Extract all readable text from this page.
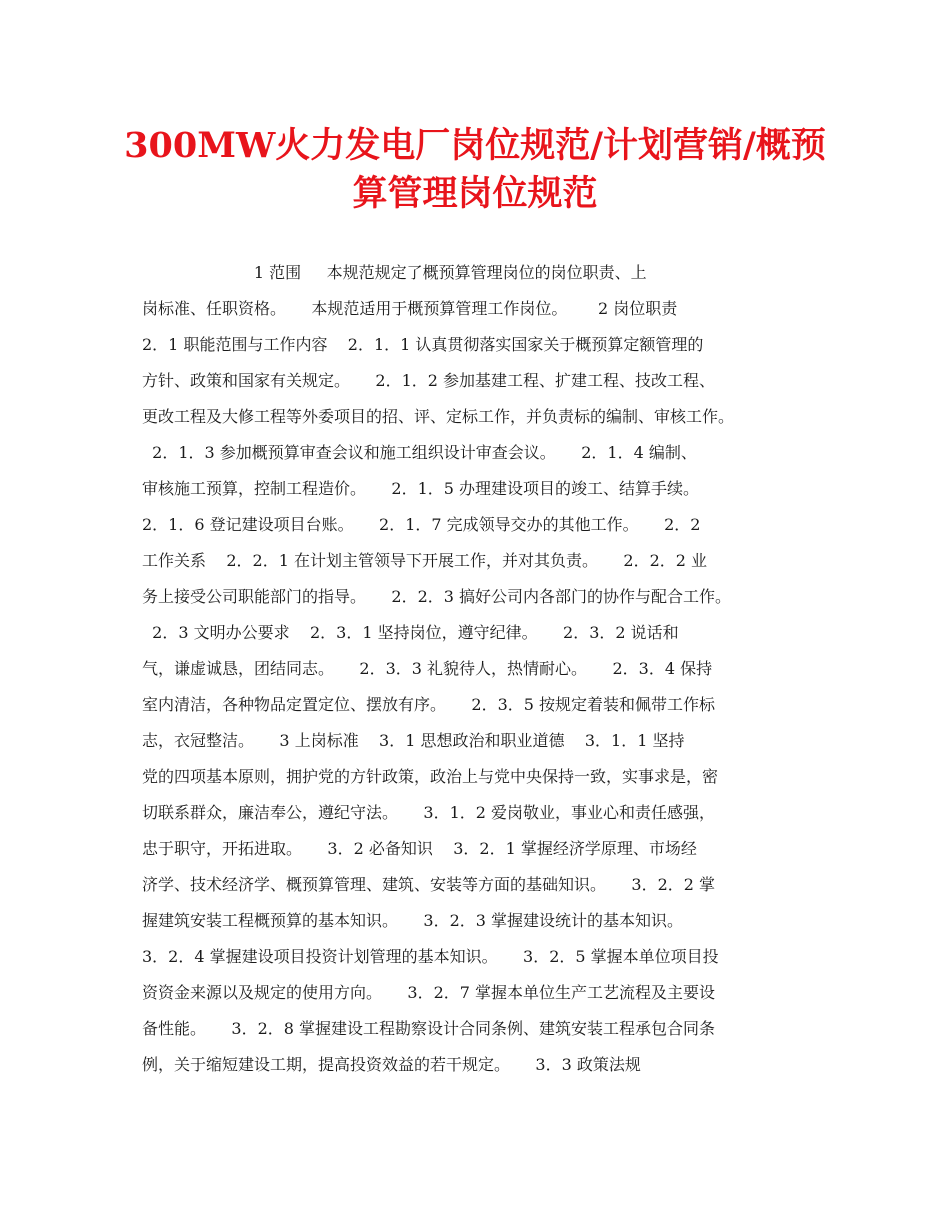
300MW火力发电厂岗位规范/计划营销/概预
算管理岗位规范
1 范围     本规范规定了概预算管理岗位的岗位职责、上
岗标准、任职资格。     本规范适用于概预算管理工作岗位。      2 岗位职责
2．1 职能范围与工作内容    2．1．1 认真贯彻落实国家关于概预算定额管理的
方针、政策和国家有关规定。     2．1．2 参加基建工程、扩建工程、技改工程、
更改工程及大修工程等外委项目的招、评、定标工作，并负责标的编制、审核工作。
2．1．3 参加概预算审查会议和施工组织设计审查会议。     2．1．4 编制、
审核施工预算，控制工程造价。     2．1．5 办理建设项目的竣工、结算手续。
2．1．6 登记建设项目台账。     2．1．7 完成领导交办的其他工作。     2．2
工作关系    2．2．1 在计划主管领导下开展工作，并对其负责。     2．2．2 业
务上接受公司职能部门的指导。     2．2．3 搞好公司内各部门的协作与配合工作。
2．3 文明办公要求    2．3．1 坚持岗位，遵守纪律。     2．3．2 说话和
气，谦虚诚恳，团结同志。     2．3．3 礼貌待人，热情耐心。     2．3．4 保持
室内清洁，各种物品定置定位、摆放有序。     2．3．5 按规定着装和佩带工作标
志，衣冠整洁。     3 上岗标准    3．1 思想政治和职业道德    3．1．1 坚持
党的四项基本原则，拥护党的方针政策，政治上与党中央保持一致，实事求是，密
切联系群众，廉洁奉公，遵纪守法。     3．1．2 爱岗敬业，事业心和责任感强，
忠于职守，开拓进取。     3．2 必备知识    3．2．1 掌握经济学原理、市场经
济学、技术经济学、概预算管理、建筑、安装等方面的基础知识。     3．2．2 掌
握建筑安装工程概预算的基本知识。     3．2．3 掌握建设统计的基本知识。
3．2．4 掌握建设项目投资计划管理的基本知识。     3．2．5 掌握本单位项目投
资资金来源以及规定的使用方向。     3．2．7 掌握本单位生产工艺流程及主要设
备性能。     3．2．8 掌握建设工程勘察设计合同条例、建筑安装工程承包合同条
例，关于缩短建设工期，提高投资效益的若干规定。     3．3 政策法规
